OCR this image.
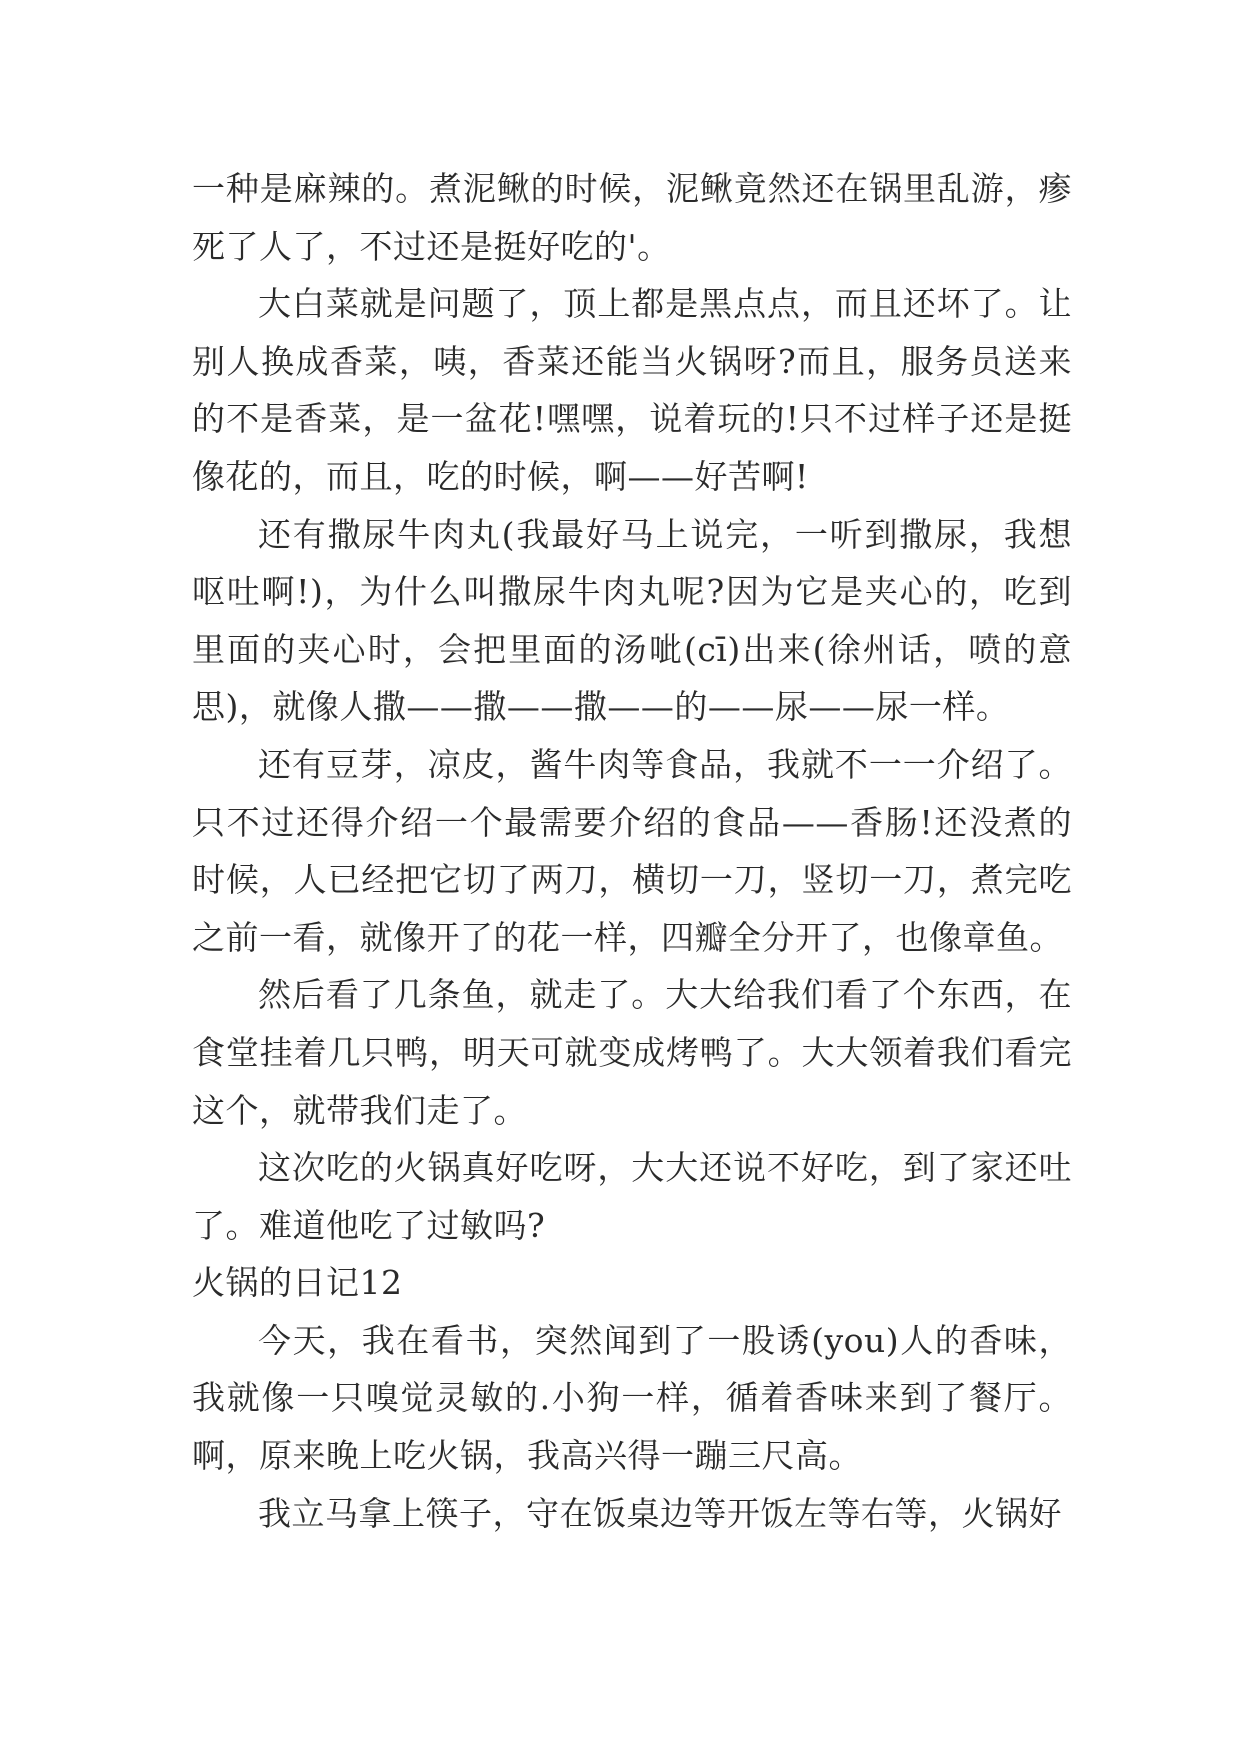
一种是麻辣的。煮泥鳅的时候，泥鳅竟然还在锅里乱游，瘆死了人了，不过还是挺好吃的'。

大白菜就是问题了，顶上都是黑点点，而且还坏了。让别人换成香菜，咦，香菜还能当火锅呀?而且，服务员送来的不是香菜，是一盆花!嘿嘿，说着玩的!只不过样子还是挺像花的，而且，吃的时候，啊——好苦啊!

还有撒尿牛肉丸(我最好马上说完，一听到撒尿，我想呕吐啊!)，为什么叫撒尿牛肉丸呢?因为它是夹心的，吃到里面的夹心时，会把里面的汤呲(cī)出来(徐州话，喷的意思)，就像人撒——撒——撒——的——尿——尿一样。

还有豆芽，凉皮，酱牛肉等食品，我就不一一介绍了。只不过还得介绍一个最需要介绍的食品——香肠!还没煮的时候，人已经把它切了两刀，横切一刀，竖切一刀，煮完吃之前一看，就像开了的花一样，四瓣全分开了，也像章鱼。

然后看了几条鱼，就走了。大大给我们看了个东西，在食堂挂着几只鸭，明天可就变成烤鸭了。大大领着我们看完这个，就带我们走了。

这次吃的火锅真好吃呀，大大还说不好吃，到了家还吐了。难道他吃了过敏吗?

火锅的日记12

今天，我在看书，突然闻到了一股诱(you)人的香味，我就像一只嗅觉灵敏的.小狗一样，循着香味来到了餐厅。啊，原来晚上吃火锅，我高兴得一蹦三尺高。

我立马拿上筷子，守在饭桌边等开饭左等右等，火锅好
